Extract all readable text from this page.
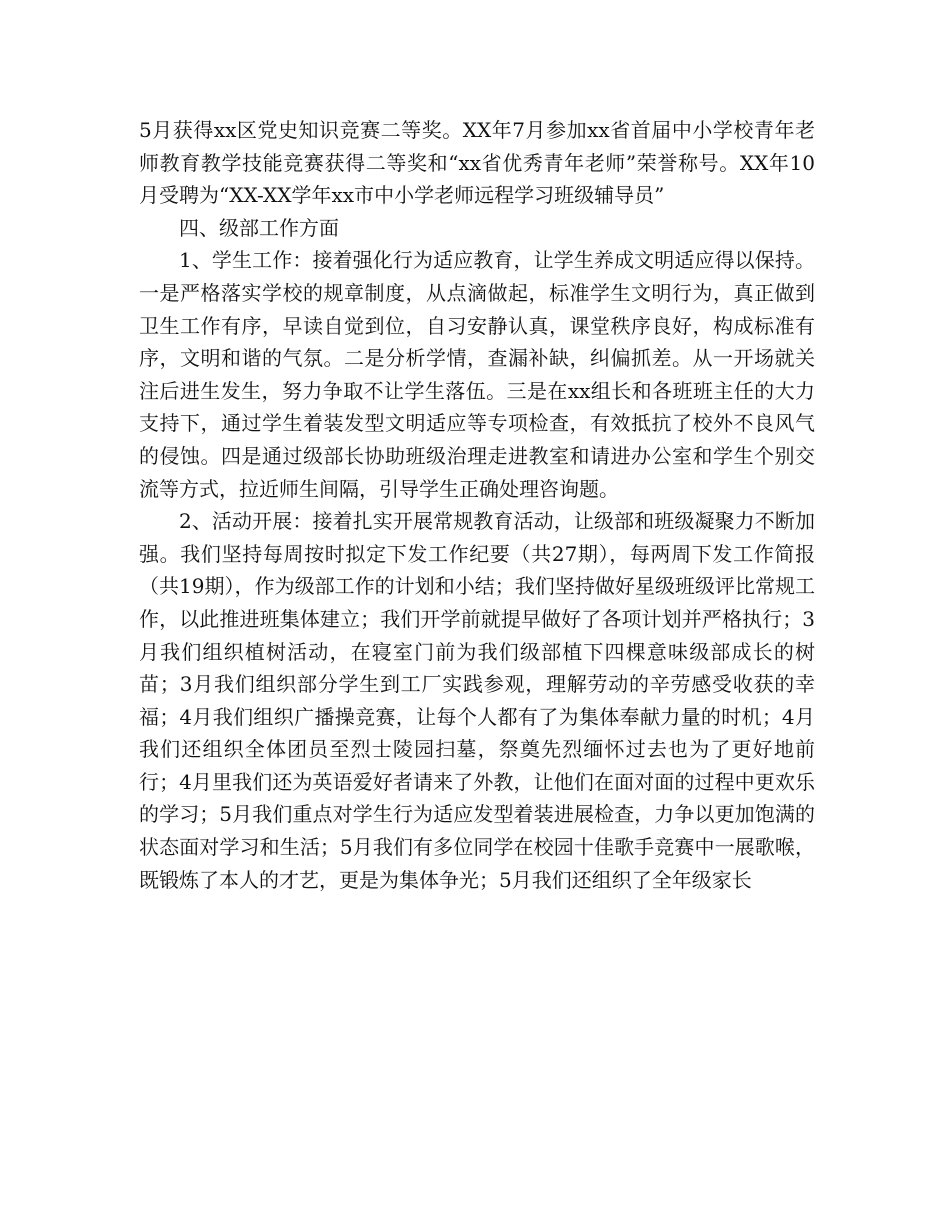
5月获得xx区党史知识竞赛二等奖。XX年7月参加xx省首届中小学校青年老师教育教学技能竞赛获得二等奖和“xx省优秀青年老师”荣誉称号。XX年10月受聘为“XX-XX学年xx市中小学老师远程学习班级辅导员”

四、级部工作方面

1、学生工作：接着强化行为适应教育，让学生养成文明适应得以保持。一是严格落实学校的规章制度，从点滴做起，标准学生文明行为，真正做到卫生工作有序，早读自觉到位，自习安静认真，课堂秩序良好，构成标准有序，文明和谐的气氛。二是分析学情，查漏补缺，纠偏抓差。从一开场就关注后进生发生，努力争取不让学生落伍。三是在xx组长和各班班主任的大力支持下，通过学生着装发型文明适应等专项检查，有效抵抗了校外不良风气的侵蚀。四是通过级部长协助班级治理走进教室和请进办公室和学生个别交流等方式，拉近师生间隔，引导学生正确处理咨询题。

2、活动开展：接着扎实开展常规教育活动，让级部和班级凝聚力不断加强。我们坚持每周按时拟定下发工作纪要（共27期），每两周下发工作简报（共19期），作为级部工作的计划和小结；我们坚持做好星级班级评比常规工作，以此推进班集体建立；我们开学前就提早做好了各项计划并严格执行；3月我们组织植树活动，在寝室门前为我们级部植下四棵意味级部成长的树苗；3月我们组织部分学生到工厂实践参观，理解劳动的辛劳感受收获的幸福；4月我们组织广播操竞赛，让每个人都有了为集体奉献力量的时机；4月我们还组织全体团员至烈士陵园扫墓，祭奠先烈缅怀过去也为了更好地前行；4月里我们还为英语爱好者请来了外教，让他们在面对面的过程中更欢乐的学习；5月我们重点对学生行为适应发型着装进展检查，力争以更加饱满的状态面对学习和生活；5月我们有多位同学在校园十佳歌手竞赛中一展歌喉，既锻炼了本人的才艺，更是为集体争光；5月我们还组织了全年级家长
